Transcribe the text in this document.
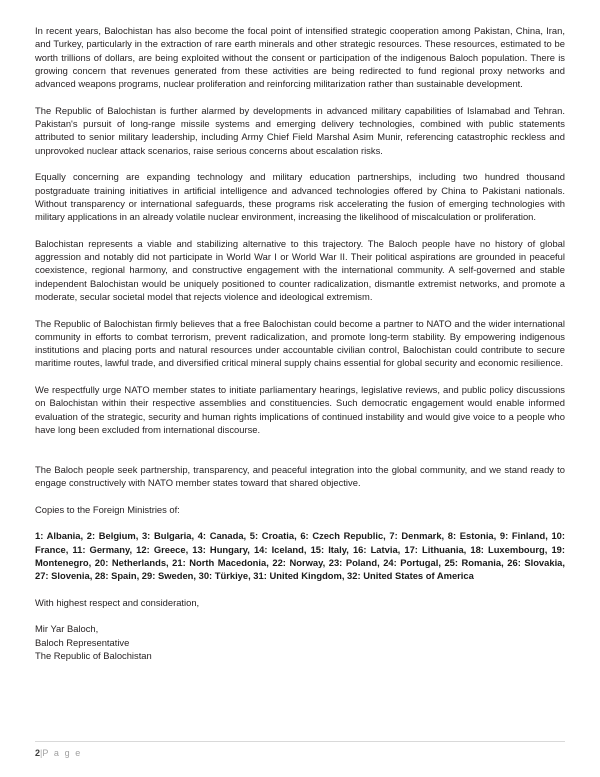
In recent years, Balochistan has also become the focal point of intensified strategic cooperation among Pakistan, China, Iran, and Turkey, particularly in the extraction of rare earth minerals and other strategic resources. These resources, estimated to be worth trillions of dollars, are being exploited without the consent or participation of the indigenous Baloch population. There is growing concern that revenues generated from these activities are being redirected to fund regional proxy networks and advanced weapons programs, nuclear proliferation and reinforcing militarization rather than sustainable development.

The Republic of Balochistan is further alarmed by developments in advanced military capabilities of Islamabad and Tehran. Pakistan's pursuit of long-range missile systems and emerging delivery technologies, combined with public statements attributed to senior military leadership, including Army Chief Field Marshal Asim Munir, referencing catastrophic reckless and unprovoked nuclear attack scenarios, raise serious concerns about escalation risks.

Equally concerning are expanding technology and military education partnerships, including two hundred thousand postgraduate training initiatives in artificial intelligence and advanced technologies offered by China to Pakistani nationals. Without transparency or international safeguards, these programs risk accelerating the fusion of emerging technologies with military applications in an already volatile nuclear environment, increasing the likelihood of miscalculation or proliferation.

Balochistan represents a viable and stabilizing alternative to this trajectory. The Baloch people have no history of global aggression and notably did not participate in World War I or World War II. Their political aspirations are grounded in peaceful coexistence, regional harmony, and constructive engagement with the international community. A self-governed and stable independent Balochistan would be uniquely positioned to counter radicalization, dismantle extremist networks, and promote a moderate, secular societal model that rejects violence and ideological extremism.

The Republic of Balochistan firmly believes that a free Balochistan could become a partner to NATO and the wider international community in efforts to combat terrorism, prevent radicalization, and promote long-term stability. By empowering indigenous institutions and placing ports and natural resources under accountable civilian control, Balochistan could contribute to secure maritime routes, lawful trade, and diversified critical mineral supply chains essential for global security and economic resilience.

We respectfully urge NATO member states to initiate parliamentary hearings, legislative reviews, and public policy discussions on Balochistan within their respective assemblies and constituencies. Such democratic engagement would enable informed evaluation of the strategic, security and human rights implications of continued instability and would give voice to a people who have long been excluded from international discourse.

The Baloch people seek partnership, transparency, and peaceful integration into the global community, and we stand ready to engage constructively with NATO member states toward that shared objective.

Copies to the Foreign Ministries of:

1: Albania, 2: Belgium, 3: Bulgaria, 4: Canada, 5: Croatia, 6: Czech Republic, 7: Denmark, 8: Estonia, 9: Finland, 10: France, 11: Germany, 12: Greece, 13: Hungary, 14: Iceland, 15: Italy, 16: Latvia, 17: Lithuania, 18: Luxembourg, 19: Montenegro, 20: Netherlands, 21: North Macedonia, 22: Norway, 23: Poland, 24: Portugal, 25: Romania, 26: Slovakia, 27: Slovenia, 28: Spain, 29: Sweden, 30: Türkiye, 31: United Kingdom, 32: United States of America

With highest respect and consideration,

Mir Yar Baloch,

Baloch Representative

The Republic of Balochistan

2|P a g e
